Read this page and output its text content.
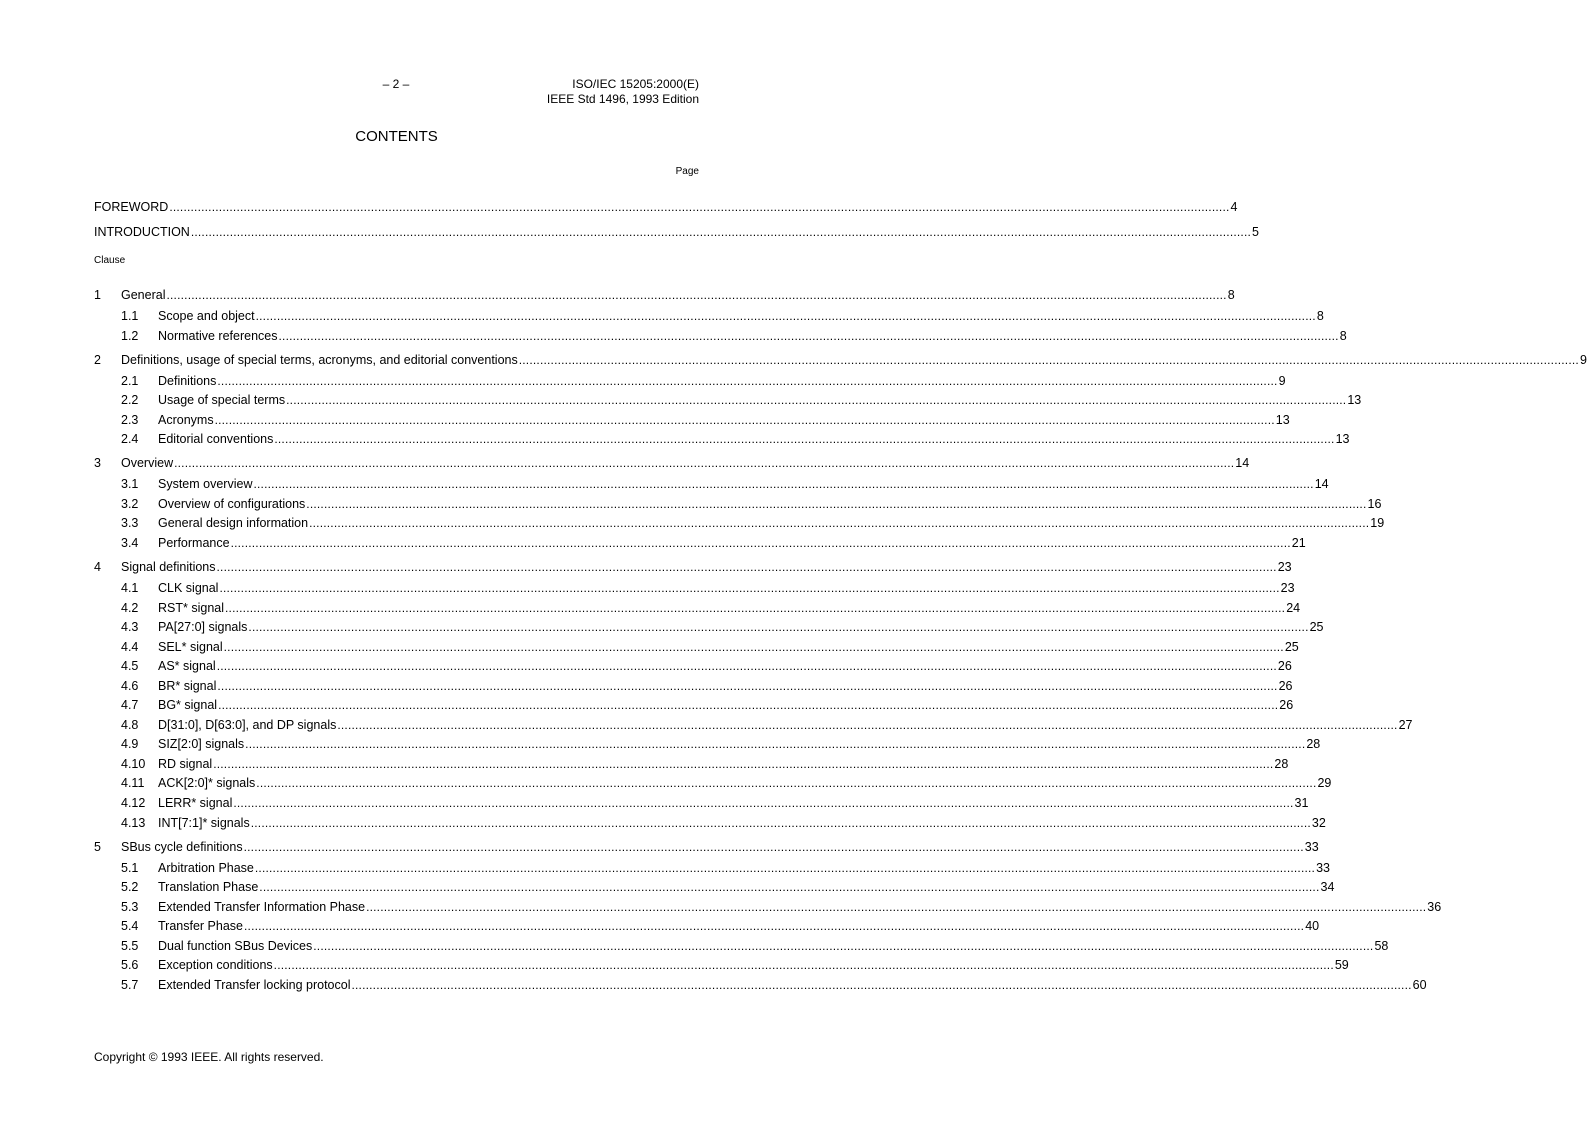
– 2 –	ISO/IEC 15205:2000(E)
IEEE Std 1496, 1993 Edition
CONTENTS
Page
Clause
FOREWORD ............................................................................................................................................................................................................................................................................................................ 4
INTRODUCTION ............................................................................................................................................................................................................................................................................................................ 5
1	General ............................................................................................................................................................................................................................................................................................................ 8
1.1	Scope and object ............................................................................................................................................................................................................................................................................................................ 8
1.2	Normative references ............................................................................................................................................................................................................................................................................................................ 8
2	Definitions, usage of special terms, acronyms, and editorial conventions ............................................................................................................................................................................................................................................................................................................ 9
2.1	Definitions ............................................................................................................................................................................................................................................................................................................ 9
2.2	Usage of special terms ............................................................................................................................................................................................................................................................................................................ 13
2.3	Acronyms ............................................................................................................................................................................................................................................................................................................ 13
2.4	Editorial conventions ............................................................................................................................................................................................................................................................................................................ 13
3	Overview ............................................................................................................................................................................................................................................................................................................ 14
3.1	System overview ............................................................................................................................................................................................................................................................................................................ 14
3.2	Overview of configurations ............................................................................................................................................................................................................................................................................................................ 16
3.3	General design information ............................................................................................................................................................................................................................................................................................................ 19
3.4	Performance ............................................................................................................................................................................................................................................................................................................ 21
4	Signal definitions ............................................................................................................................................................................................................................................................................................................ 23
4.1	CLK signal ............................................................................................................................................................................................................................................................................................................ 23
4.2	RST* signal ............................................................................................................................................................................................................................................................................................................ 24
4.3	PA[27:0] signals ............................................................................................................................................................................................................................................................................................................ 25
4.4	SEL* signal ............................................................................................................................................................................................................................................................................................................ 25
4.5	AS* signal ............................................................................................................................................................................................................................................................................................................ 26
4.6	BR* signal ............................................................................................................................................................................................................................................................................................................ 26
4.7	BG* signal ............................................................................................................................................................................................................................................................................................................ 26
4.8	D[31:0], D[63:0], and DP signals ............................................................................................................................................................................................................................................................................................................ 27
4.9	SIZ[2:0] signals ............................................................................................................................................................................................................................................................................................................ 28
4.10	RD signal ............................................................................................................................................................................................................................................................................................................ 28
4.11	ACK[2:0]* signals ............................................................................................................................................................................................................................................................................................................ 29
4.12	LERR* signal ............................................................................................................................................................................................................................................................................................................ 31
4.13	INT[7:1]* signals ............................................................................................................................................................................................................................................................................................................ 32
5	SBus cycle definitions ............................................................................................................................................................................................................................................................................................................ 33
5.1	Arbitration Phase ............................................................................................................................................................................................................................................................................................................ 33
5.2	Translation Phase ............................................................................................................................................................................................................................................................................................................ 34
5.3	Extended Transfer Information Phase ............................................................................................................................................................................................................................................................................................................ 36
5.4	Transfer Phase ............................................................................................................................................................................................................................................................................................................ 40
5.5	Dual function SBus Devices ............................................................................................................................................................................................................................................................................................................ 58
5.6	Exception conditions ............................................................................................................................................................................................................................................................................................................ 59
5.7	Extended Transfer locking protocol ............................................................................................................................................................................................................................................................................................................ 60
Copyright © 1993 IEEE. All rights reserved.
